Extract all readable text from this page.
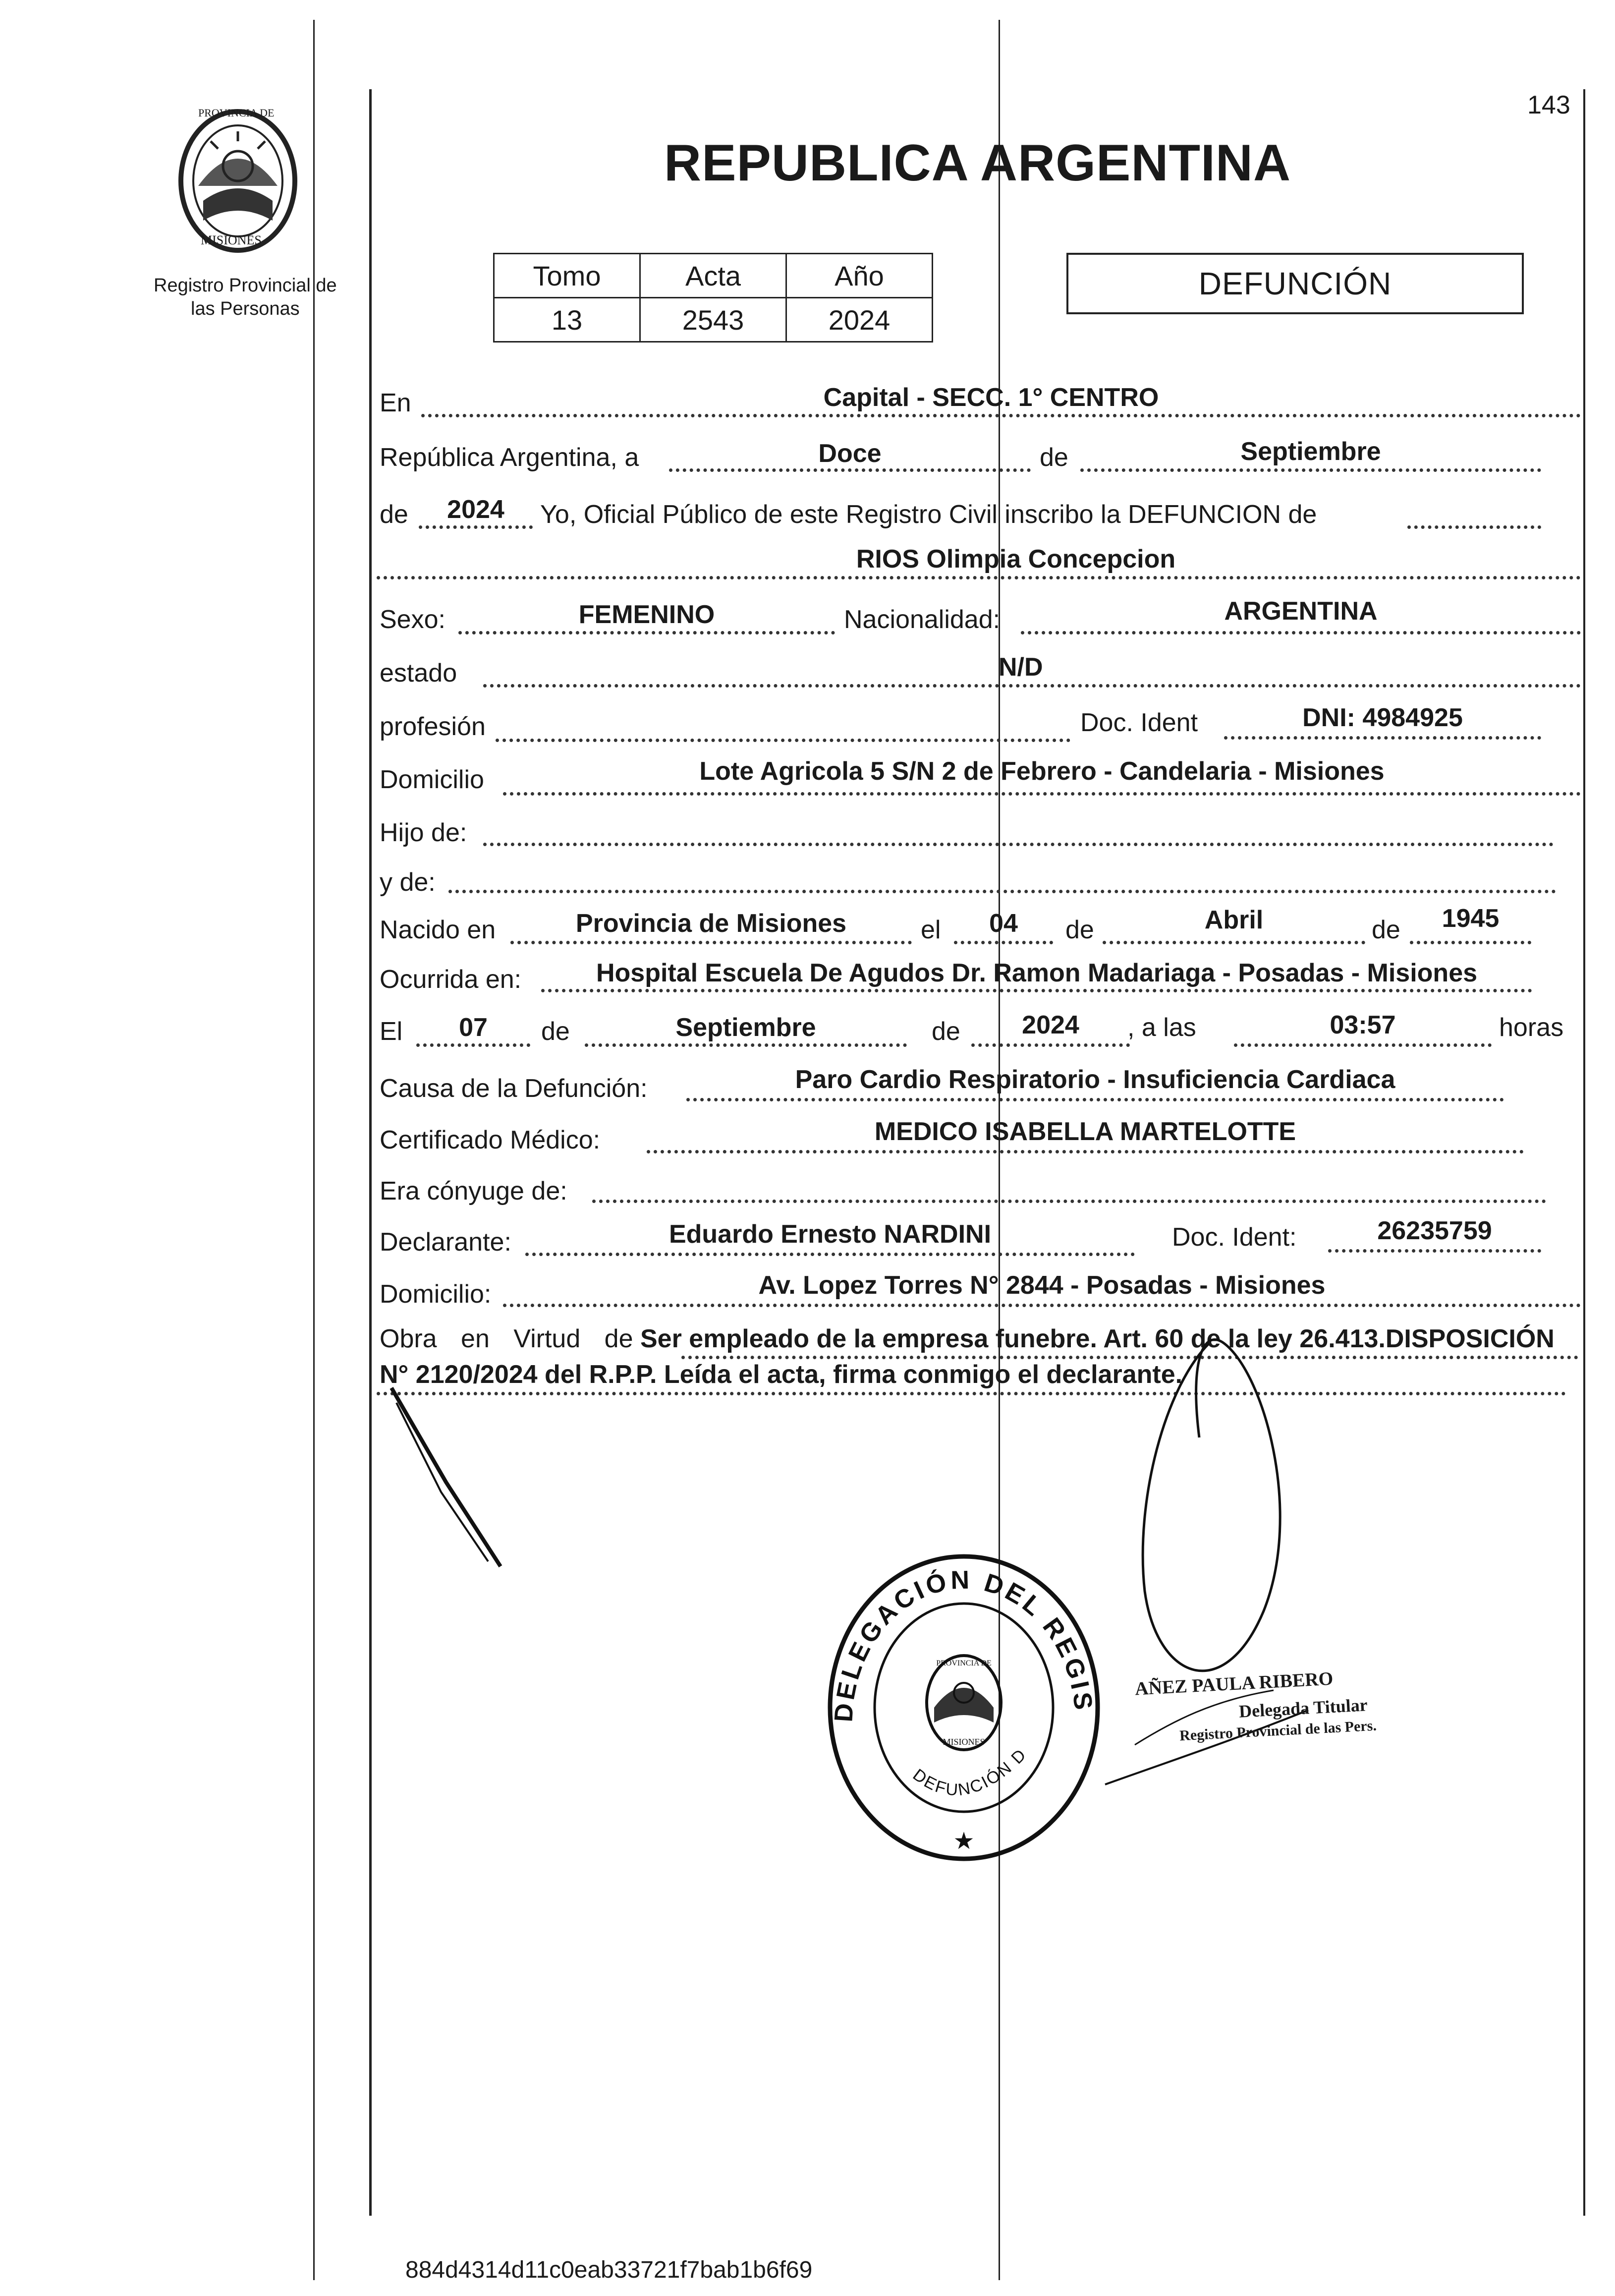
143
PROVINCIA DE
MISIONES
Registro Provincial de
las Personas
REPUBLICA ARGENTINA
Tomo	Acta	Año
13	2543	2024
DEFUNCIÓN
En	Capital - SECC. 1° CENTRO
República Argentina, a	Doce	de	Septiembre
de	2024	Yo, Oficial Público de este Registro Civil inscribo la DEFUNCION de
RIOS Olimpia Concepcion
Sexo:	FEMENINO	Nacionalidad:	ARGENTINA
estado	N/D
profesión	Doc. Ident	DNI: 4984925
Domicilio	Lote Agricola 5 S/N 2 de Febrero - Candelaria - Misiones
Hijo de:
y de:
Nacido en	Provincia de Misiones	el	04	de	Abril	de	1945
Ocurrida en:	Hospital Escuela De Agudos Dr. Ramon Madariaga - Posadas - Misiones
El	07	de	Septiembre	de	2024	, a las	03:57	horas
Causa de la Defunción:	Paro Cardio Respiratorio - Insuficiencia Cardiaca
Certificado Médico:	MEDICO ISABELLA MARTELOTTE
Era cónyuge de:
Declarante:	Eduardo Ernesto NARDINI	Doc. Ident:	26235759
Domicilio:	Av. Lopez Torres N° 2844 - Posadas - Misiones
Obra en Virtud de Ser empleado de la empresa funebre. Art. 60 de la ley 26.413.DISPOSICIÓN N° 2120/2024 del R.P.P. Leída el acta, firma conmigo el declarante.
DELEGACIÓN DEL REGIS
PROVINCIA DE
MISIONES
DEFUNCIÓN D
★
AÑEZ PAULA RIBERO
Delegada Titular
Registro Provincial de las Pers.
884d4314d11c0eab33721f7bab1b6f69
